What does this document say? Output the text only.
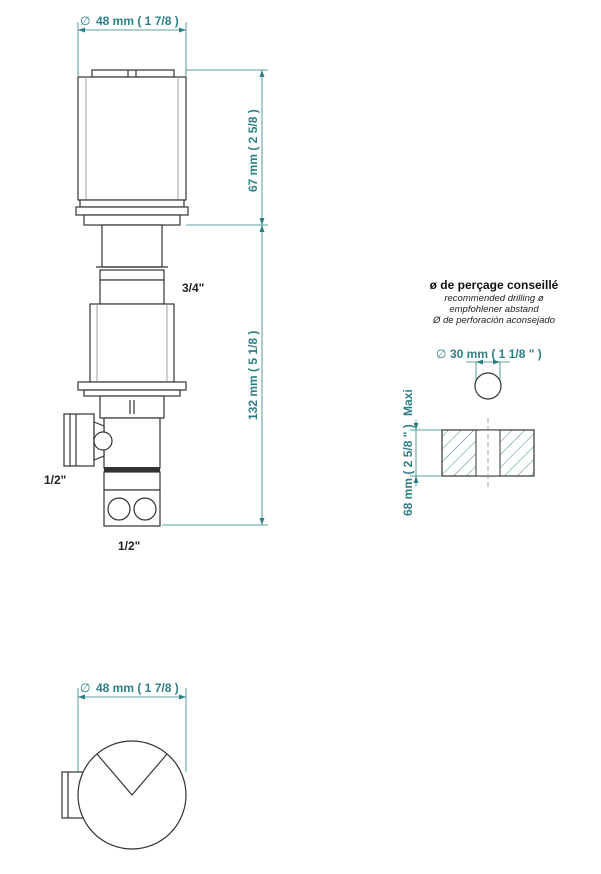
∅ 48 mm ( 1 7/8 )
67 mm ( 2 5/8 )
132 mm ( 5 1/8 )
3/4"
1/2"
1/2"
ø de perçage conseillé
recommended drilling ø
empfohlener abstand
Ø de perforación aconsejado
∅ 30 mm ( 1 1/8 " )
68 mm ( 2 5/8 " )
Maxi
∅ 48 mm ( 1 7/8 )
